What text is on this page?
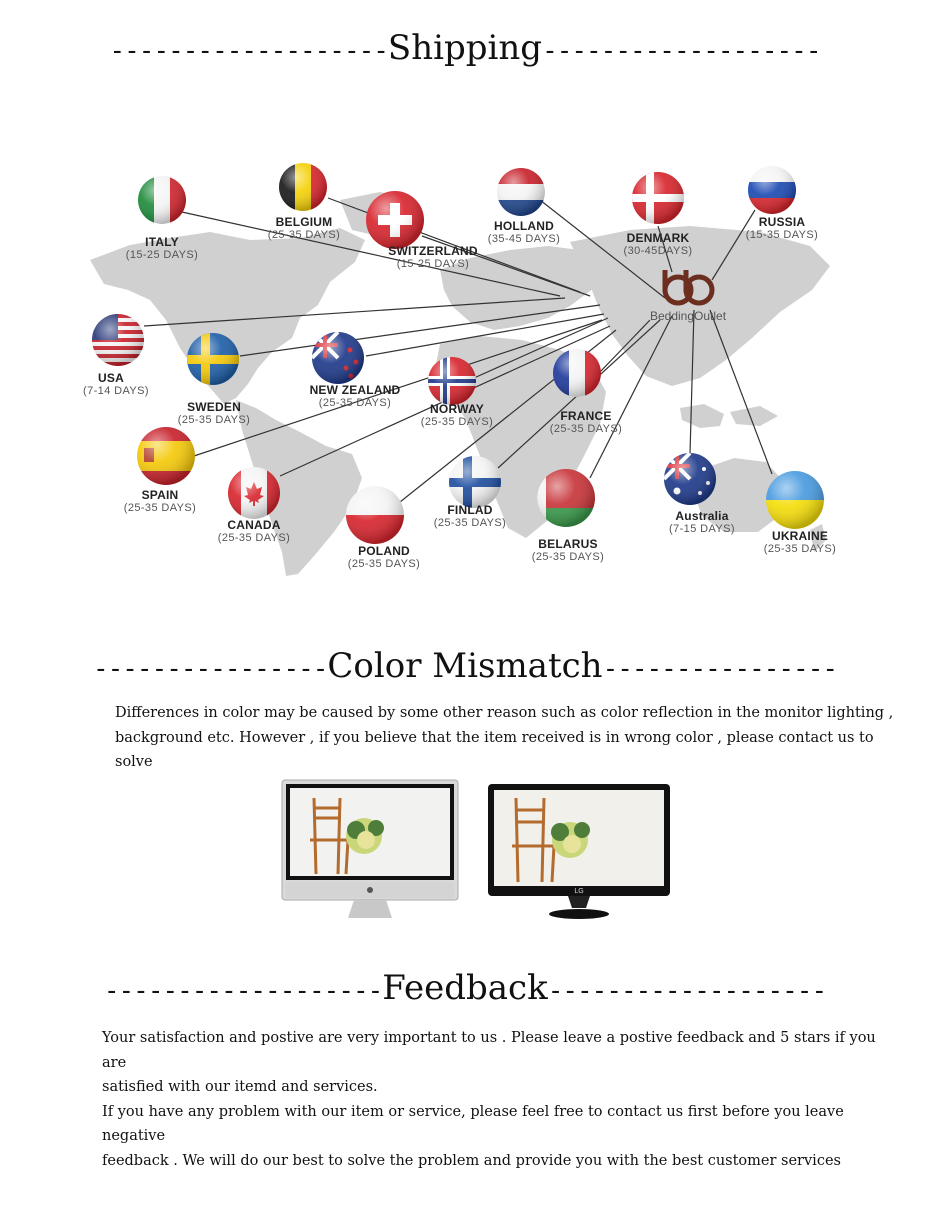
-------------------Shipping-------------------
BeddingOutlet
ITALY
(15-25 DAYS)
BELGIUM
(25-35 DAYS)
SWITZERLAND
(15-25 DAYS)
HOLLAND
(35-45 DAYS)	DENMARK
(30-45DAYS)
RUSSIA
(15-35 DAYS)
USA
(7-14 DAYS)
SWEDEN
(25-35 DAYS)
NEW ZEALAND
(25-35 DAYS)	NORWAY
(25-35 DAYS)	FRANCE
(25-35 DAYS)
SPAIN
(25-35 DAYS)
CANADA
(25-35 DAYS)
POLAND
(25-35 DAYS)
FINLAD
(25-35 DAYS)
BELARUS
(25-35 DAYS)
Australia
(7-15 DAYS)	UKRAINE
(25-35 DAYS)
----------------Color Mismatch----------------
Differences in color may be caused by some other reason such as color reflection in the monitor lighting ,
background etc. However , if you believe that the item received is in wrong color , please contact us to solve
LG
-------------------Feedback-------------------
Your satisfaction and postive are very important to us . Please leave a postive feedback and 5 stars if you are
satisfied with our itemd and services.
If you have any problem with our item or service, please feel free to contact us first before you leave negative
feedback . We will do our best to solve the problem and provide you with the best customer services
